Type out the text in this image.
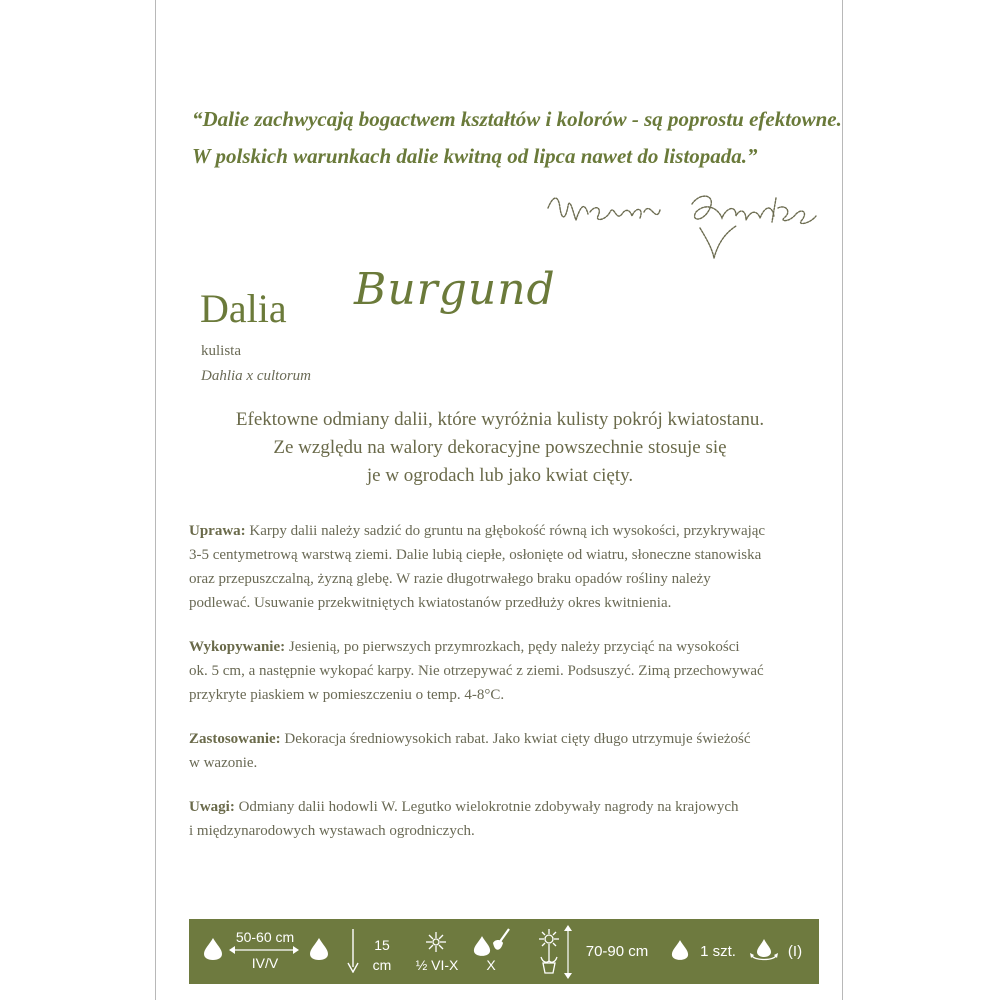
“Dalie zachwycają bogactwem kształtów i kolorów - są poprostu efektowne.
W polskich warunkach dalie kwitną od lipca nawet do listopada.”
Dalia Burgund
kulista
Dahlia x cultorum
Efektowne odmiany dalii, które wyróżnia kulisty pokrój kwiatostanu.
Ze względu na walory dekoracyjne powszechnie stosuje się
je w ogrodach lub jako kwiat cięty.
Uprawa: Karpy dalii należy sadzić do gruntu na głębokość równą ich wysokości, przykrywając
3-5 centymetrową warstwą ziemi. Dalie lubią ciepłe, osłonięte od wiatru, słoneczne stanowiska
oraz przepuszczalną, żyzną glebę. W razie długotrwałego braku opadów rośliny należy
podlewać. Usuwanie przekwitniętych kwiatostanów przedłuży okres kwitnienia.
Wykopywanie: Jesienią, po pierwszych przymrozkach, pędy należy przyciąć na wysokości
ok. 5 cm, a następnie wykopać karpy. Nie otrzepywać z ziemi. Podsuszyć. Zimą przechowywać
przykryte piaskiem w pomieszczeniu o temp. 4-8°C.
Zastosowanie: Dekoracja średniowysokich rabat. Jako kwiat cięty długo utrzymuje świeżość
w wazonie.
Uwagi: Odmiany dalii hodowli W. Legutko wielokrotnie zdobywały nagrody na krajowych
i międzynarodowych wystawach ogrodniczych.
50-60 cm
IV/V
15
cm	½ VI-X	X
70-90 cm	1 szt.	(I)
